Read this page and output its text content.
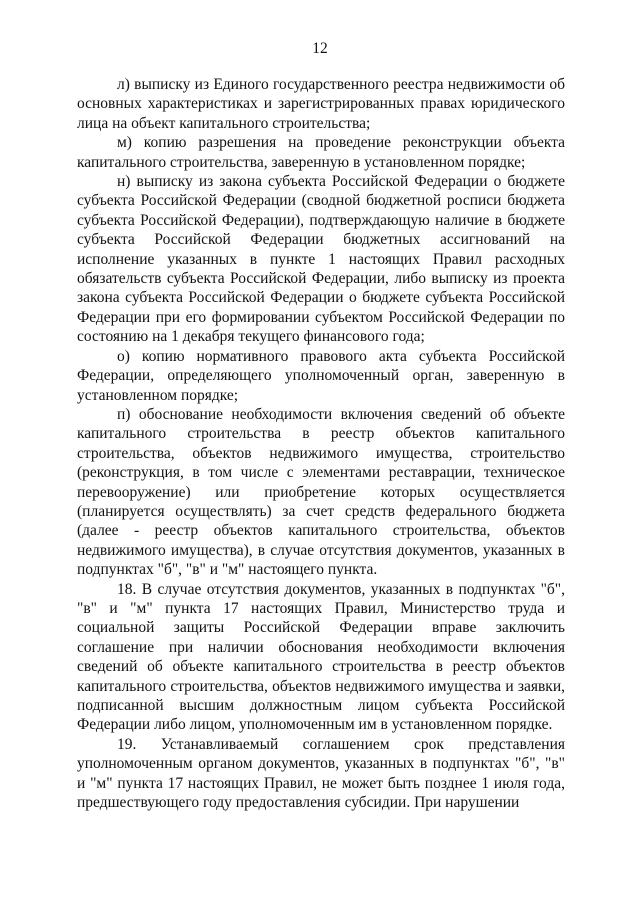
12

л) выписку из Единого государственного реестра недвижимости об основных характеристиках и зарегистрированных правах юридического лица на объект капитального строительства;

м) копию разрешения на проведение реконструкции объекта капитального строительства, заверенную в установленном порядке;

н) выписку из закона субъекта Российской Федерации о бюджете субъекта Российской Федерации (сводной бюджетной росписи бюджета субъекта Российской Федерации), подтверждающую наличие в бюджете субъекта Российской Федерации бюджетных ассигнований на исполнение указанных в пункте 1 настоящих Правил расходных обязательств субъекта Российской Федерации, либо выписку из проекта закона субъекта Российской Федерации о бюджете субъекта Российской Федерации при его формировании субъектом Российской Федерации по состоянию на 1 декабря текущего финансового года;

о) копию нормативного правового акта субъекта Российской Федерации, определяющего уполномоченный орган, заверенную в установленном порядке;

п) обоснование необходимости включения сведений об объекте капитального строительства в реестр объектов капитального строительства, объектов недвижимого имущества, строительство (реконструкция, в том числе с элементами реставрации, техническое перевооружение) или приобретение которых осуществляется (планируется осуществлять) за счет средств федерального бюджета (далее - реестр объектов капитального строительства, объектов недвижимого имущества), в случае отсутствия документов, указанных в подпунктах "б", "в" и "м" настоящего пункта.

18. В случае отсутствия документов, указанных в подпунктах "б", "в" и "м" пункта 17 настоящих Правил, Министерство труда и социальной защиты Российской Федерации вправе заключить соглашение при наличии обоснования необходимости включения сведений об объекте капитального строительства в реестр объектов капитального строительства, объектов недвижимого имущества и заявки, подписанной высшим должностным лицом субъекта Российской Федерации либо лицом, уполномоченным им в установленном порядке.

19. Устанавливаемый соглашением срок представления уполномоченным органом документов, указанных в подпунктах "б", "в" и "м" пункта 17 настоящих Правил, не может быть позднее 1 июля года, предшествующего году предоставления субсидии. При нарушении
